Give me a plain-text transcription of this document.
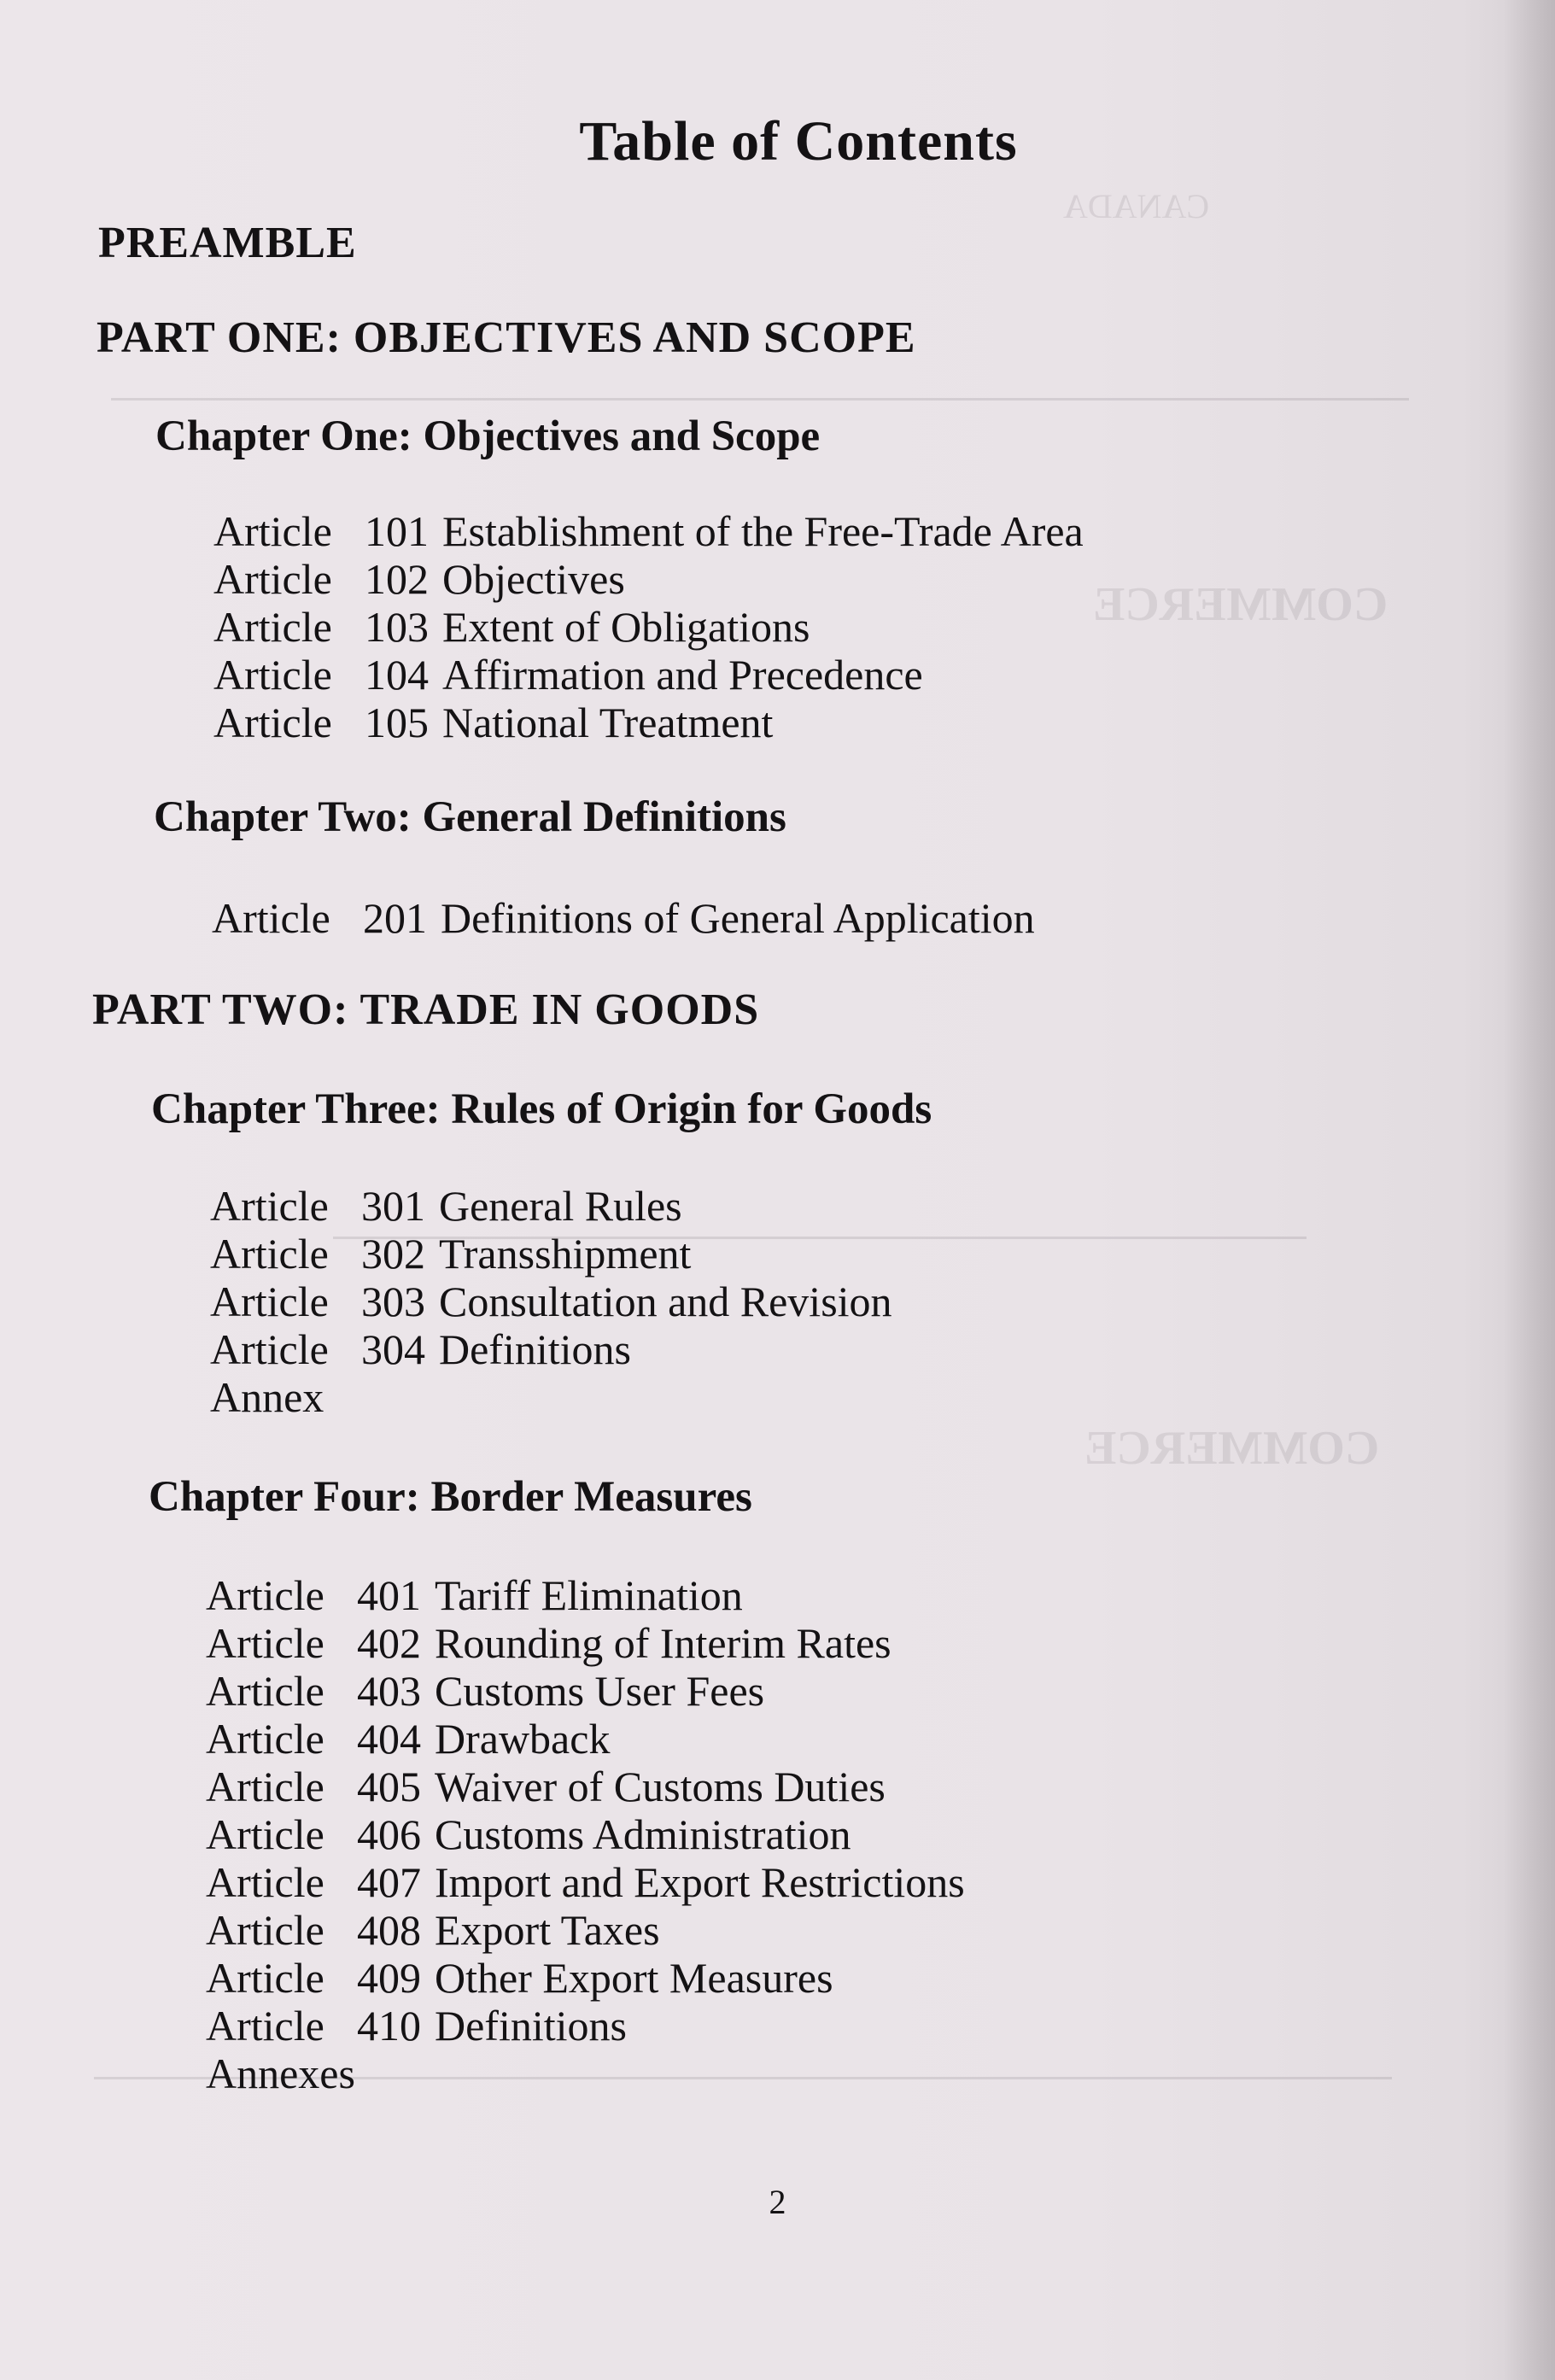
CANADA
COMMERCE
COMMERCE
Table of Contents
PREAMBLE
PART ONE: OBJECTIVES AND SCOPE
Chapter One: Objectives and Scope
Article 101 Establishment of the Free-Trade Area
Article 102 Objectives
Article 103 Extent of Obligations
Article 104 Affirmation and Precedence
Article 105 National Treatment
Chapter Two: General Definitions
Article 201 Definitions of General Application
PART TWO: TRADE IN GOODS
Chapter Three: Rules of Origin for Goods
Article 301 General Rules
Article 302 Transshipment
Article 303 Consultation and Revision
Article 304 Definitions
Annex
Chapter Four: Border Measures
Article 401 Tariff Elimination
Article 402 Rounding of Interim Rates
Article 403 Customs User Fees
Article 404 Drawback
Article 405 Waiver of Customs Duties
Article 406 Customs Administration
Article 407 Import and Export Restrictions
Article 408 Export Taxes
Article 409 Other Export Measures
Article 410 Definitions
Annexes
2
